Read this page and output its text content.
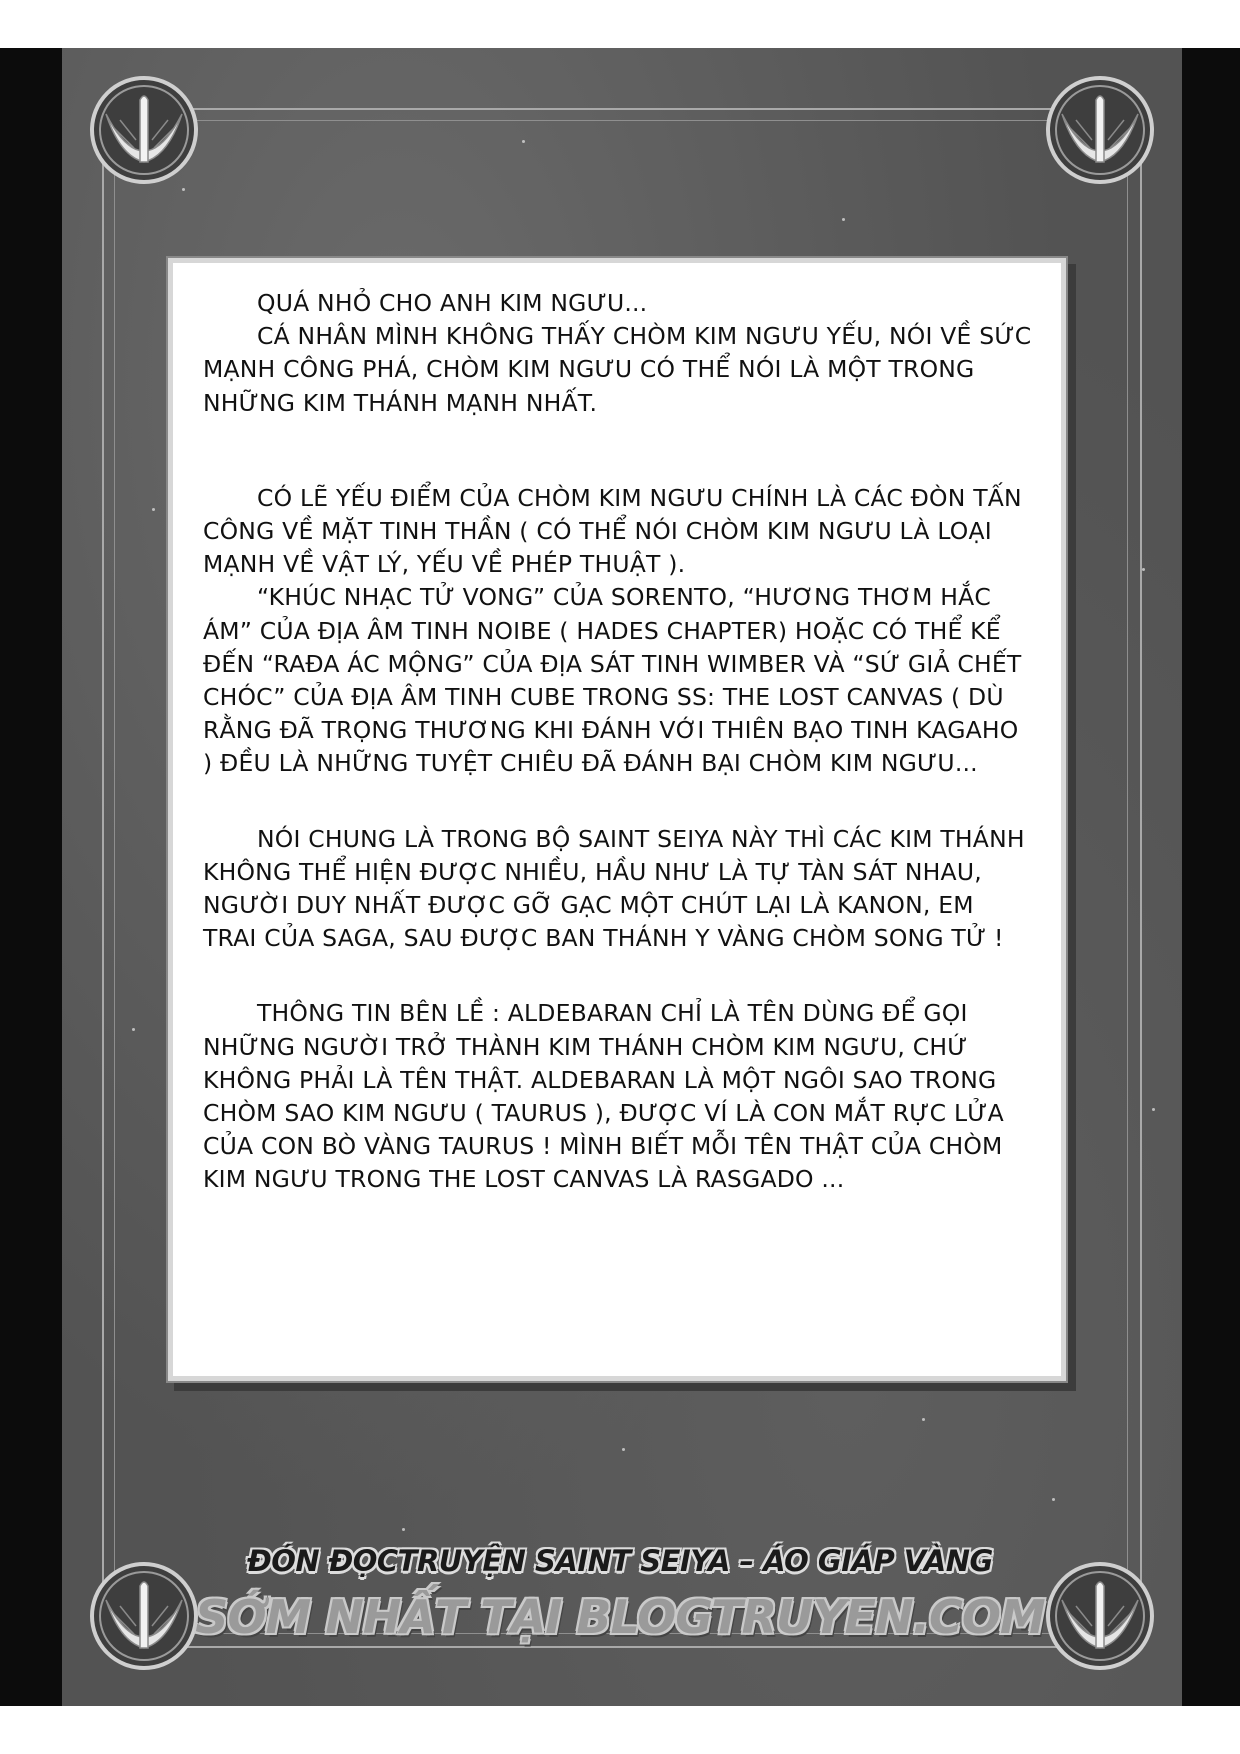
QUÁ NHỎ CHO ANH KIM NGƯU...

CÁ NHÂN MÌNH KHÔNG THẤY CHÒM KIM NGƯU YẾU, NÓI VỀ SỨC MẠNH CÔNG PHÁ, CHÒM KIM NGƯU CÓ THỂ NÓI LÀ MỘT TRONG NHỮNG KIM THÁNH MẠNH NHẤT.

CÓ LẼ YẾU ĐIỂM CỦA CHÒM KIM NGƯU CHÍNH LÀ CÁC ĐÒN TẤN CÔNG VỀ MẶT TINH THẦN ( CÓ THỂ NÓI CHÒM KIM NGƯU LÀ LOẠI MẠNH VỀ VẬT LÝ, YẾU VỀ PHÉP THUẬT ).

“KHÚC NHẠC TỬ VONG” CỦA SORENTO, “HƯƠNG THƠM HẮC ÁM” CỦA ĐỊA ÂM TINH NOIBE ( HADES CHAPTER) HOẶC CÓ THỂ KỂ ĐẾN “RAĐA ÁC MỘNG” CỦA ĐỊA SÁT TINH WIMBER VÀ “SỨ GIẢ CHẾT CHÓC” CỦA ĐỊA ÂM TINH CUBE TRONG SS: THE LOST CANVAS ( DÙ RẰNG ĐÃ TRỌNG THƯƠNG KHI ĐÁNH VỚI THIÊN BẠO TINH KAGAHO ) ĐỀU LÀ NHỮNG TUYỆT CHIÊU ĐÃ ĐÁNH BẠI CHÒM KIM NGƯU...

NÓI CHUNG LÀ TRONG BỘ SAINT SEIYA NÀY THÌ CÁC KIM THÁNH KHÔNG THỂ HIỆN ĐƯỢC NHIỀU, HẦU NHƯ LÀ TỰ TÀN SÁT NHAU, NGƯỜI DUY NHẤT ĐƯỢC GỠ GẠC MỘT CHÚT LẠI LÀ KANON, EM TRAI CỦA SAGA, SAU ĐƯỢC BAN THÁNH Y VÀNG CHÒM SONG TỬ !

THÔNG TIN BÊN LỀ : ALDEBARAN CHỈ LÀ TÊN DÙNG ĐỂ GỌI NHỮNG NGƯỜI TRỞ THÀNH KIM THÁNH CHÒM KIM NGƯU, CHỨ KHÔNG PHẢI LÀ TÊN THẬT. ALDEBARAN LÀ MỘT NGÔI SAO TRONG CHÒM SAO KIM NGƯU ( TAURUS ), ĐƯỢC VÍ LÀ CON MẮT RỰC LỬA CỦA CON BÒ VÀNG TAURUS ! MÌNH BIẾT MỖI TÊN THẬT CỦA CHÒM KIM NGƯU TRONG THE LOST CANVAS LÀ RASGADO ...

ĐÓN ĐỌCTRUYỆN SAINT SEIYA – ÁO GIÁP VÀNG
SỚM NHẤT TẠI BLOGTRUYEN.COM
